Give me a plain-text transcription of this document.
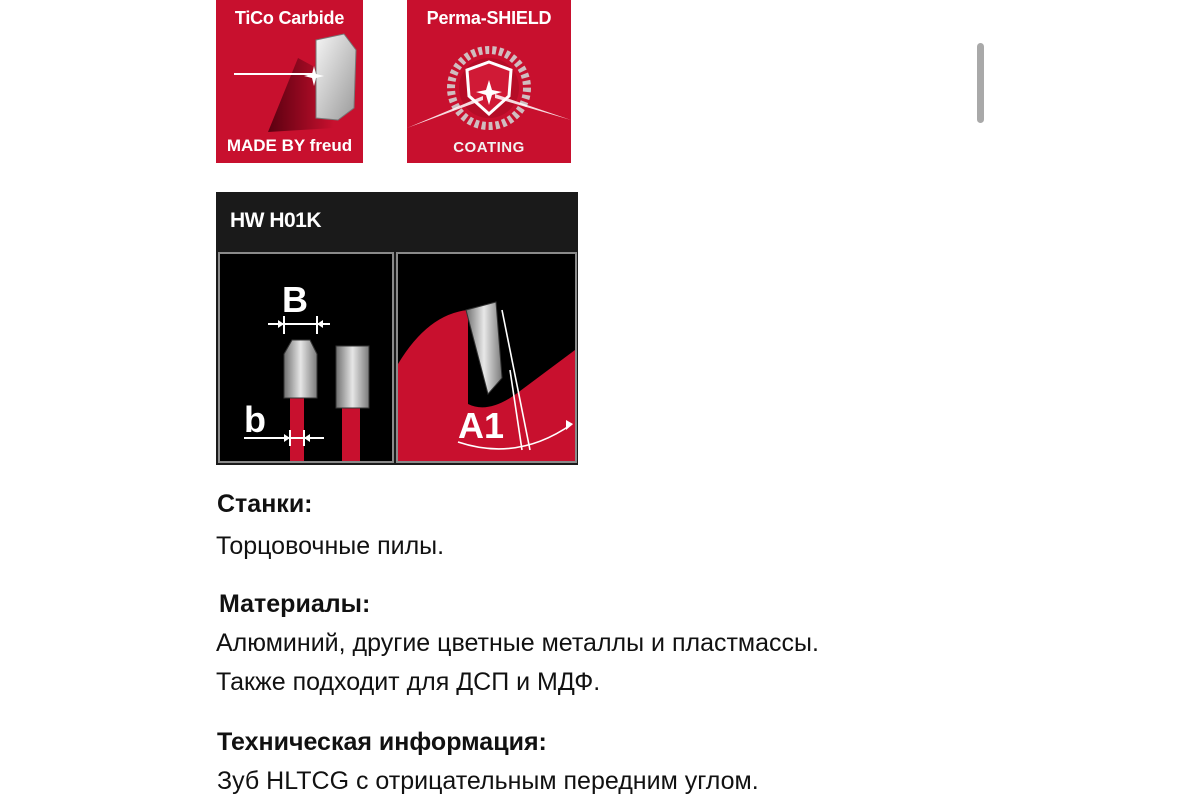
TiCo Carbide
MADE BY freud
Perma-SHIELD
COATING
HW H01K
B
b	A1
Станки:
Торцовочные пилы.
Материалы:
Алюминий, другие цветные металлы и пластмассы.
Также подходит для ДСП и МДФ.
Техническая информация:
Зуб HLTCG с отрицательным передним углом.
